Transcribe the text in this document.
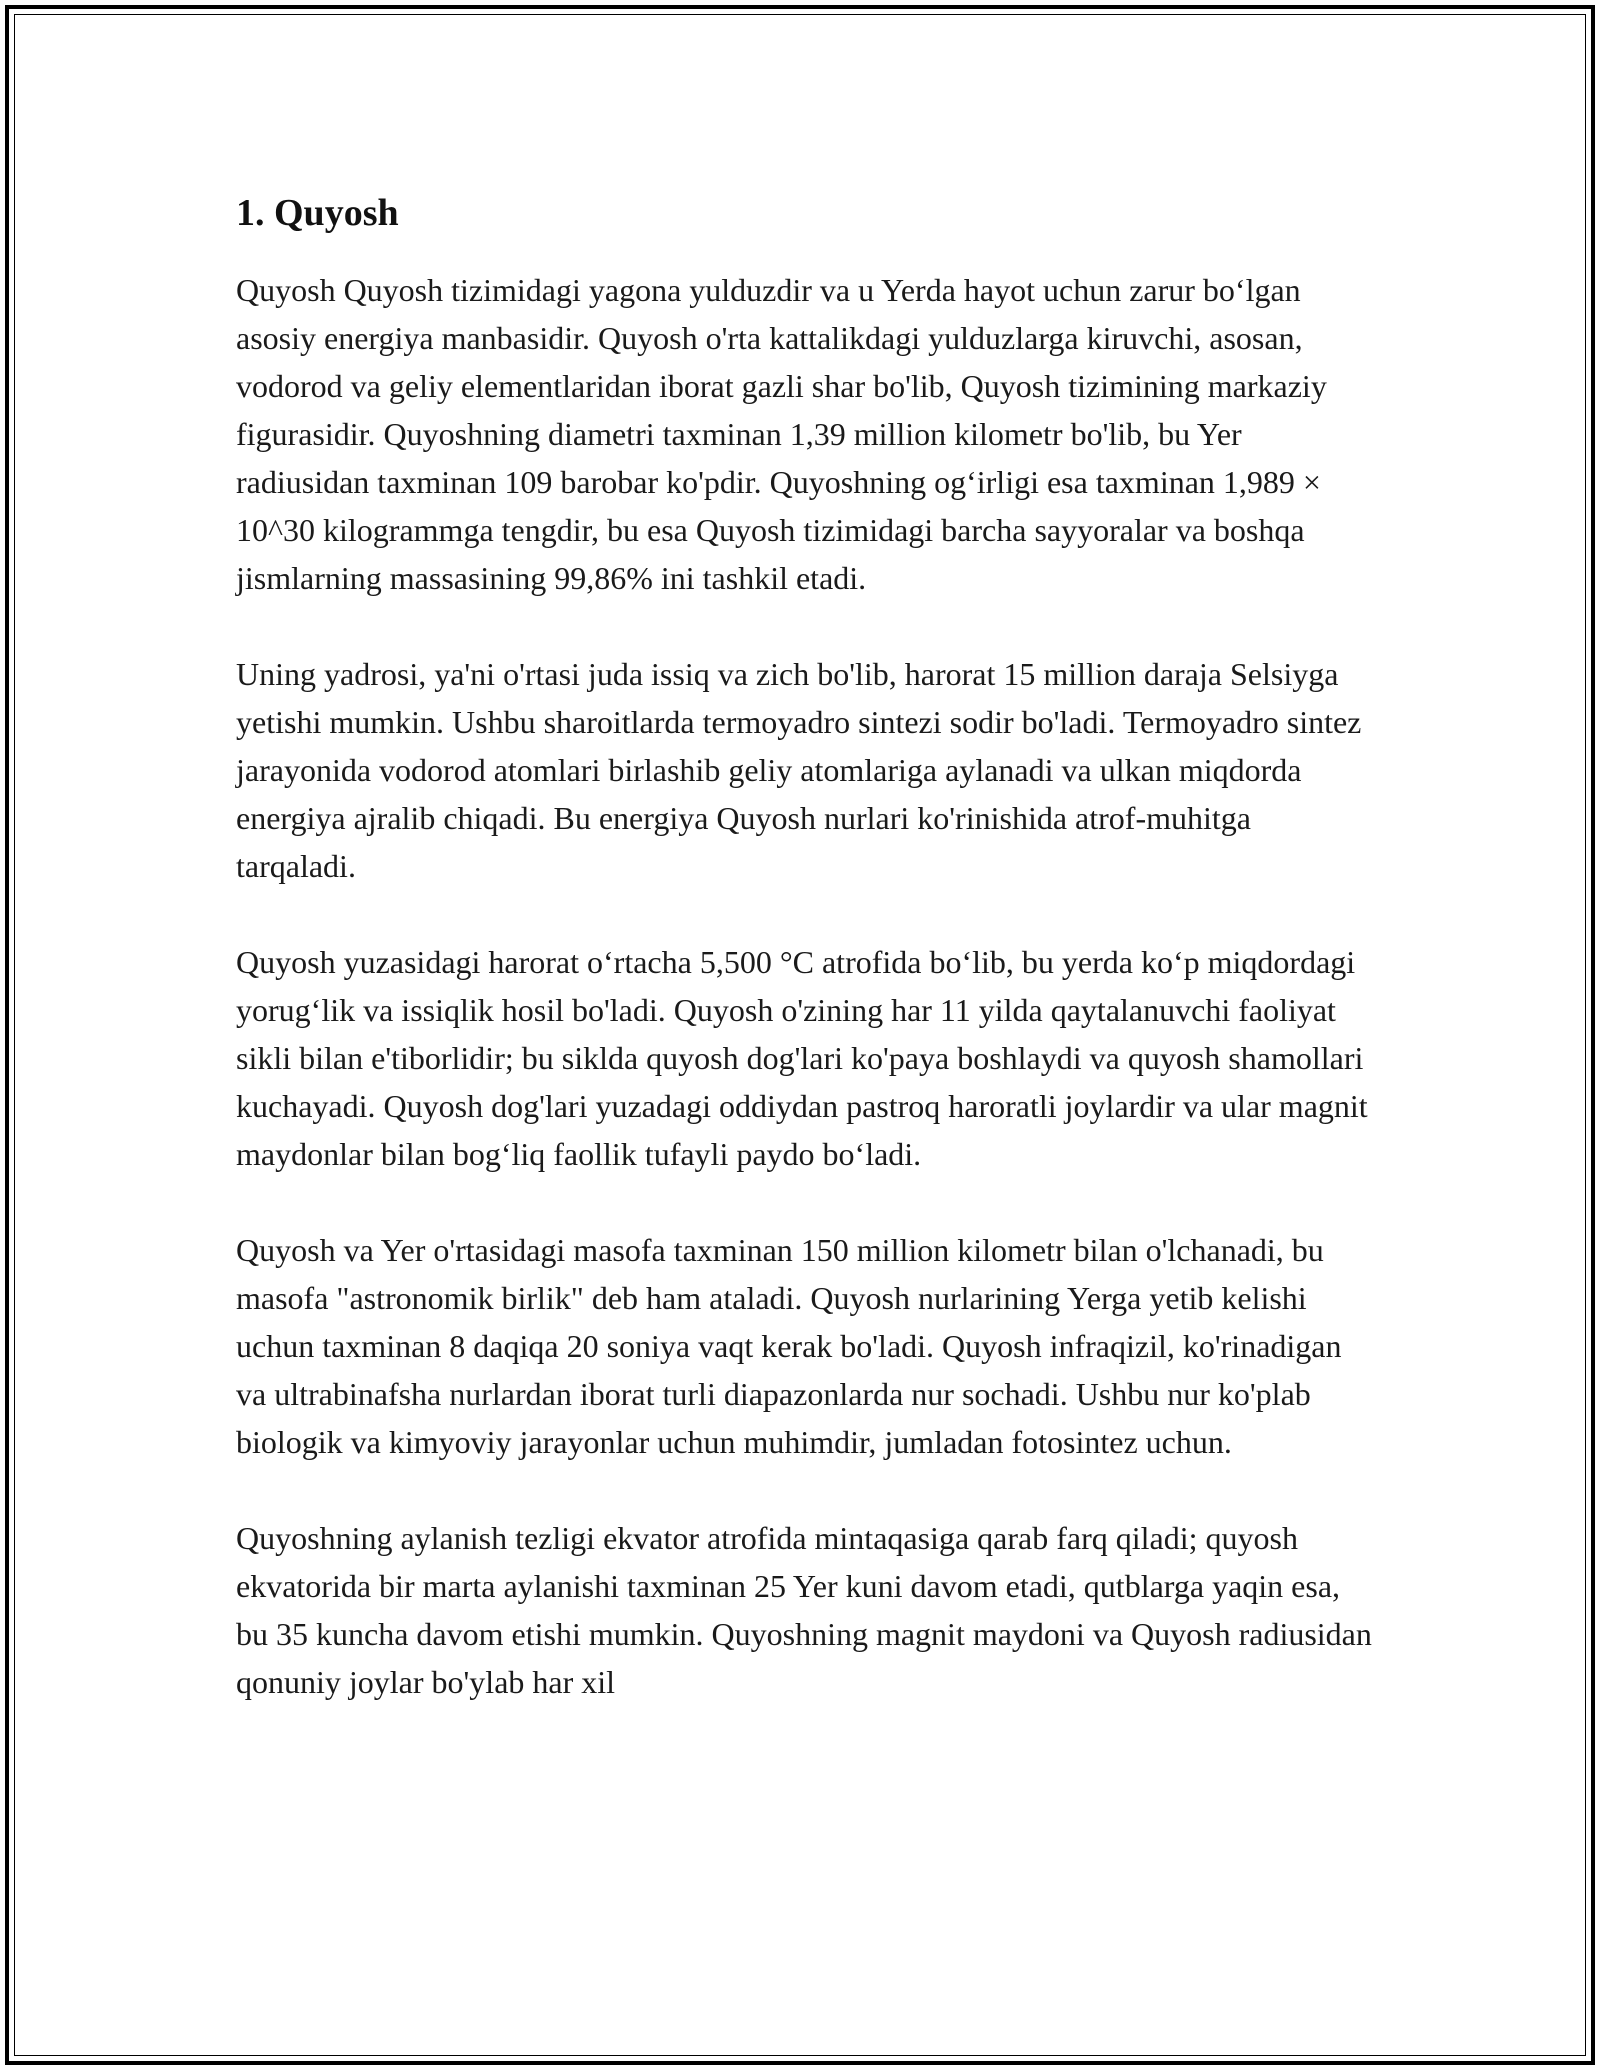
1. Quyosh

Quyosh Quyosh tizimidagi yagona yulduzdir va u Yerda hayot uchun zarur bo‘lgan asosiy energiya manbasidir. Quyosh o'rta kattalikdagi yulduzlarga kiruvchi, asosan, vodorod va geliy elementlaridan iborat gazli shar bo'lib, Quyosh tizimining markaziy figurasidir. Quyoshning diametri taxminan 1,39 million kilometr bo'lib, bu Yer radiusidan taxminan 109 barobar ko'pdir. Quyoshning og‘irligi esa taxminan 1,989 × 10^30 kilogrammga tengdir, bu esa Quyosh tizimidagi barcha sayyoralar va boshqa jismlarning massasining 99,86% ini tashkil etadi.

Uning yadrosi, ya'ni o'rtasi juda issiq va zich bo'lib, harorat 15 million daraja Selsiyga yetishi mumkin. Ushbu sharoitlarda termoyadro sintezi sodir bo'ladi. Termoyadro sintez jarayonida vodorod atomlari birlashib geliy atomlariga aylanadi va ulkan miqdorda energiya ajralib chiqadi. Bu energiya Quyosh nurlari ko'rinishida atrof-muhitga tarqaladi.

Quyosh yuzasidagi harorat o‘rtacha 5,500 °C atrofida bo‘lib, bu yerda ko‘p miqdordagi yorug‘lik va issiqlik hosil bo'ladi. Quyosh o'zining har 11 yilda qaytalanuvchi faoliyat sikli bilan e'tiborlidir; bu siklda quyosh dog'lari ko'paya boshlaydi va quyosh shamollari kuchayadi. Quyosh dog'lari yuzadagi oddiydan pastroq haroratli joylardir va ular magnit maydonlar bilan bog‘liq faollik tufayli paydo bo‘ladi.

Quyosh va Yer o'rtasidagi masofa taxminan 150 million kilometr bilan o'lchanadi, bu masofa "astronomik birlik" deb ham ataladi. Quyosh nurlarining Yerga yetib kelishi uchun taxminan 8 daqiqa 20 soniya vaqt kerak bo'ladi. Quyosh infraqizil, ko'rinadigan va ultrabinafsha nurlardan iborat turli diapazonlarda nur sochadi. Ushbu nur ko'plab biologik va kimyoviy jarayonlar uchun muhimdir, jumladan fotosintez uchun.

Quyoshning aylanish tezligi ekvator atrofida mintaqasiga qarab farq qiladi; quyosh ekvatorida bir marta aylanishi taxminan 25 Yer kuni davom etadi, qutblarga yaqin esa, bu 35 kuncha davom etishi mumkin. Quyoshning magnit maydoni va Quyosh radiusidan qonuniy joylar bo'ylab har xil
